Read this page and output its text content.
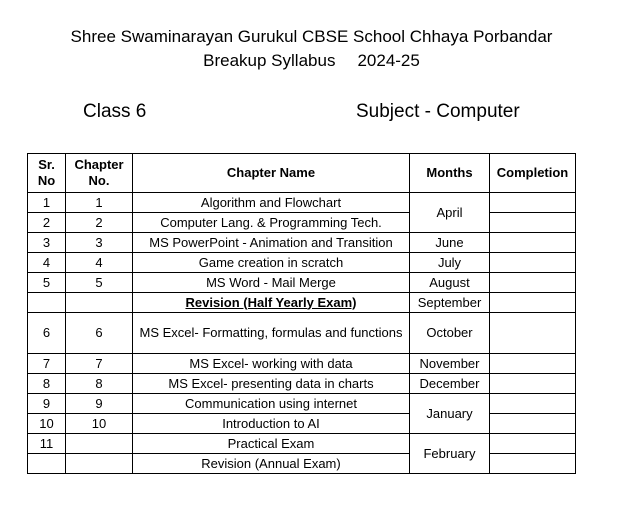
Shree Swaminarayan Gurukul CBSE School Chhaya Porbandar
Breakup Syllabus 2024-25
Class 6	Subject - Computer
Sr. No	Chapter No.	Chapter Name	Months	Completion
1	1	Algorithm and Flowchart	April	
2	2	Computer Lang. & Programming Tech.		
3	3	MS PowerPoint - Animation and Transition	June	
4	4	Game creation in scratch	July	
5	5	MS Word - Mail Merge	August	
		Revision (Half Yearly Exam)	September	
6	6	MS Excel- Formatting, formulas and functions	October	
7	7	MS Excel- working with data	November	
8	8	MS Excel- presenting data in charts	December	
9	9	Communication using internet	January	
10	10	Introduction to AI		
11		Practical Exam	February	
		Revision (Annual Exam)		
